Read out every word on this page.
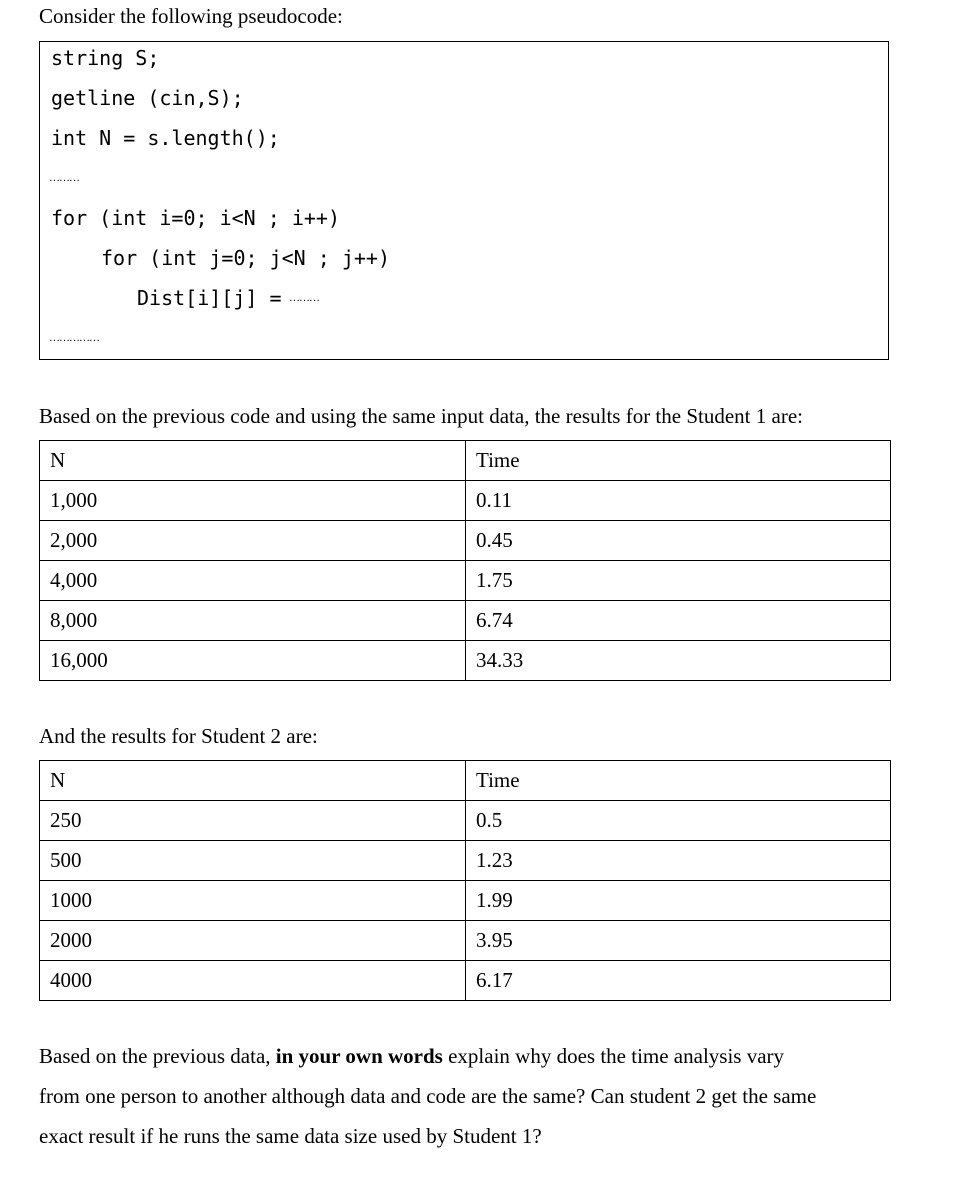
Consider the following pseudocode:
string S;
getline (cin,S);
int N = s.length();
………
for (int i=0; i<N ; i++)
for (int j=0; j<N ; j++)
Dist[i][j] = ………
……………
Based on the previous code and using the same input data, the results for the Student 1 are:
N	Time
1,000	0.11
2,000	0.45
4,000	1.75
8,000	6.74
16,000	34.33
And the results for Student 2 are:
N	Time
250	0.5
500	1.23
1000	1.99
2000	3.95
4000	6.17
Based on the previous data, in your own words explain why does the time analysis vary
from one person to another although data and code are the same? Can student 2 get the same
exact result if he runs the same data size used by Student 1?
